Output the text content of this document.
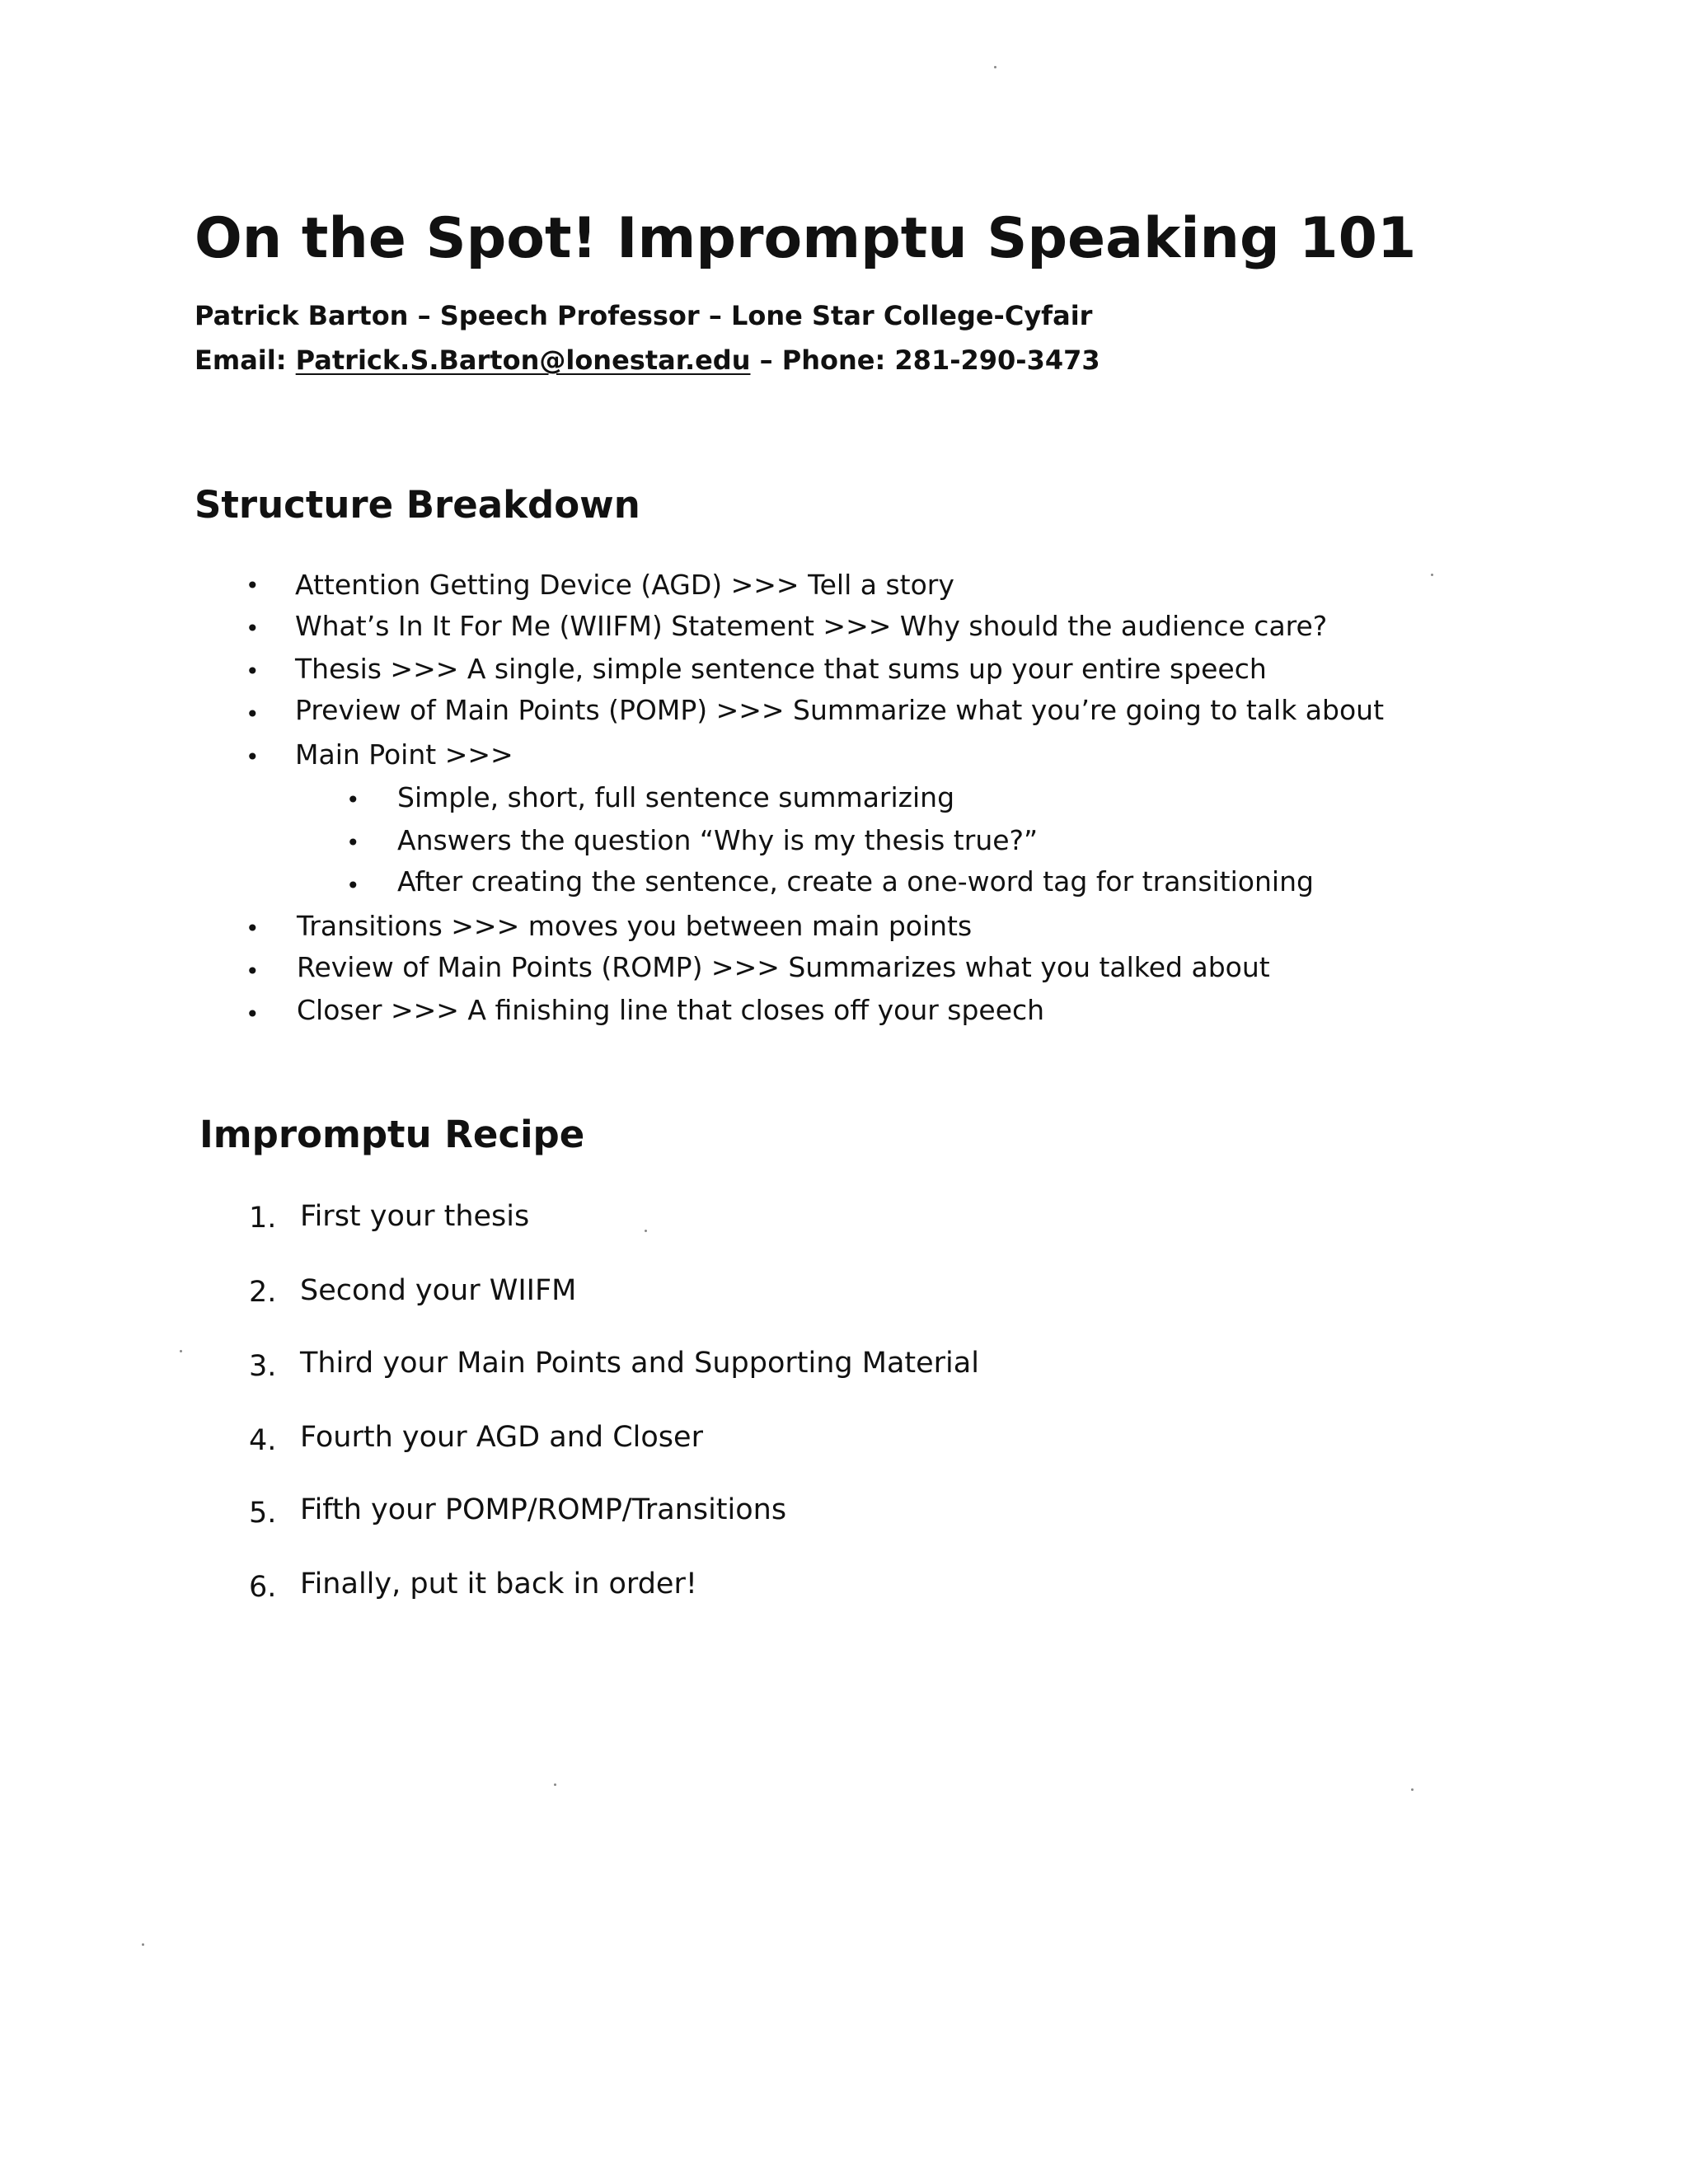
On the Spot! Impromptu Speaking 101
Patrick Barton – Speech Professor – Lone Star College-Cyfair
Email: Patrick.S.Barton@lonestar.edu – Phone: 281-290-3473
Structure Breakdown
• Attention Getting Device (AGD) >>> Tell a story
• What’s In It For Me (WIIFM) Statement >>> Why should the audience care?
• Thesis >>> A single, simple sentence that sums up your entire speech
• Preview of Main Points (POMP) >>> Summarize what you’re going to talk about
• Main Point >>>
• Simple, short, full sentence summarizing
• Answers the question “Why is my thesis true?”
• After creating the sentence, create a one-word tag for transitioning
• Transitions >>> moves you between main points
• Review of Main Points (ROMP) >>> Summarizes what you talked about
• Closer >>> A finishing line that closes off your speech
Impromptu Recipe
1. First your thesis
2. Second your WIIFM
3. Third your Main Points and Supporting Material
4. Fourth your AGD and Closer
5. Fifth your POMP/ROMP/Transitions
6. Finally, put it back in order!
